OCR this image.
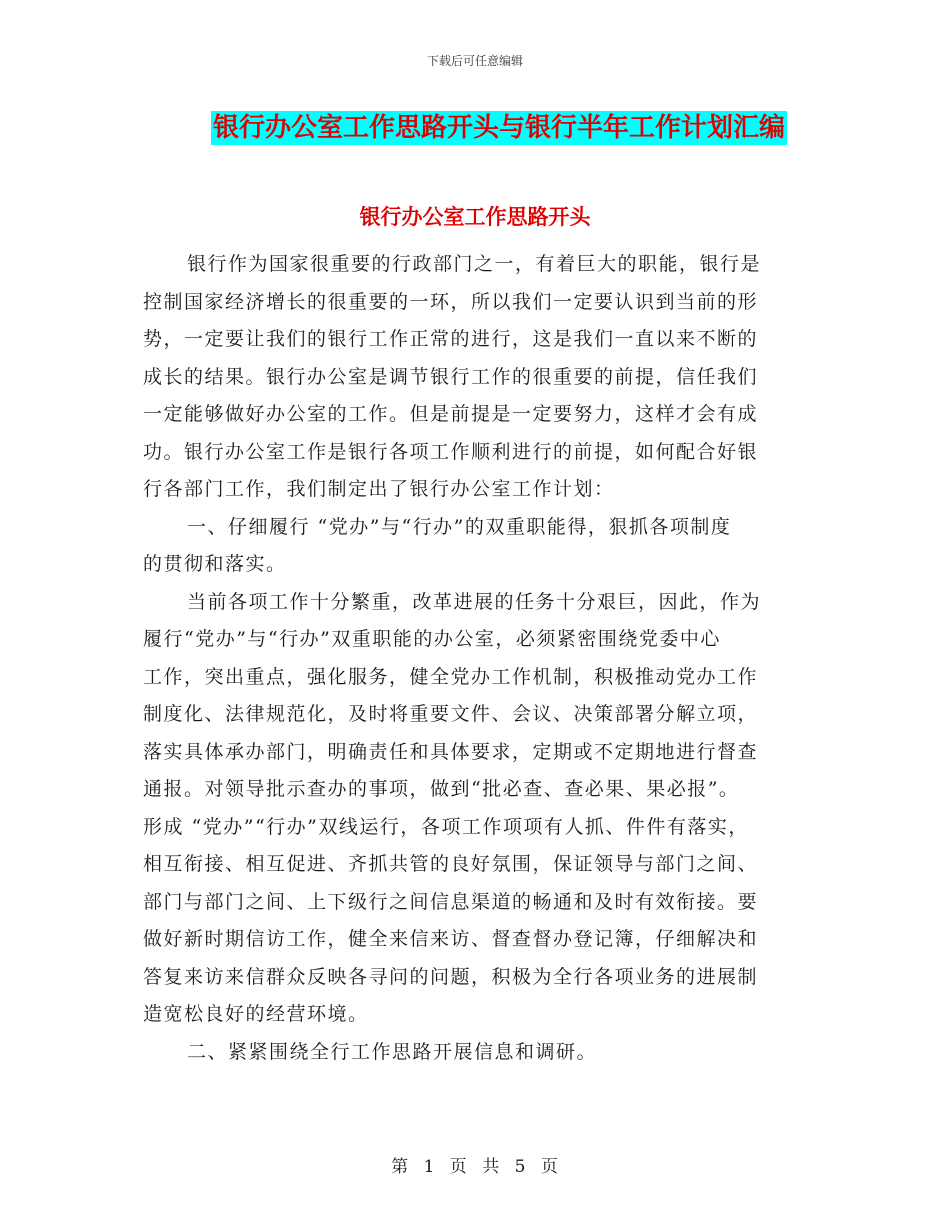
下载后可任意编辑
银行办公室工作思路开头与银行半年工作计划汇编
银行办公室工作思路开头
银行作为国家很重要的行政部门之一，有着巨大的职能，银行是
控制国家经济增长的很重要的一环，所以我们一定要认识到当前的形
势，一定要让我们的银行工作正常的进行，这是我们一直以来不断的
成长的结果。银行办公室是调节银行工作的很重要的前提，信任我们
一定能够做好办公室的工作。但是前提是一定要努力，这样才会有成
功。银行办公室工作是银行各项工作顺利进行的前提，如何配合好银
行各部门工作，我们制定出了银行办公室工作计划：
一、仔细履行 “党办”与“行办”的双重职能得，狠抓各项制度
的贯彻和落实。
当前各项工作十分繁重，改革进展的任务十分艰巨，因此，作为
履行“党办”与“行办”双重职能的办公室，必须紧密围绕党委中心
工作，突出重点，强化服务，健全党办工作机制，积极推动党办工作
制度化、法律规范化，及时将重要文件、会议、决策部署分解立项，
落实具体承办部门，明确责任和具体要求，定期或不定期地进行督查
通报。对领导批示查办的事项，做到“批必查、查必果、果必报”。
形成 “党办”“行办”双线运行，各项工作项项有人抓、件件有落实，
相互衔接、相互促进、齐抓共管的良好氛围，保证领导与部门之间、
部门与部门之间、上下级行之间信息渠道的畅通和及时有效衔接。要
做好新时期信访工作，健全来信来访、督查督办登记簿，仔细解决和
答复来访来信群众反映各寻问的问题，积极为全行各项业务的进展制
造宽松良好的经营环境。
二、紧紧围绕全行工作思路开展信息和调研。
第 1 页 共 5 页
